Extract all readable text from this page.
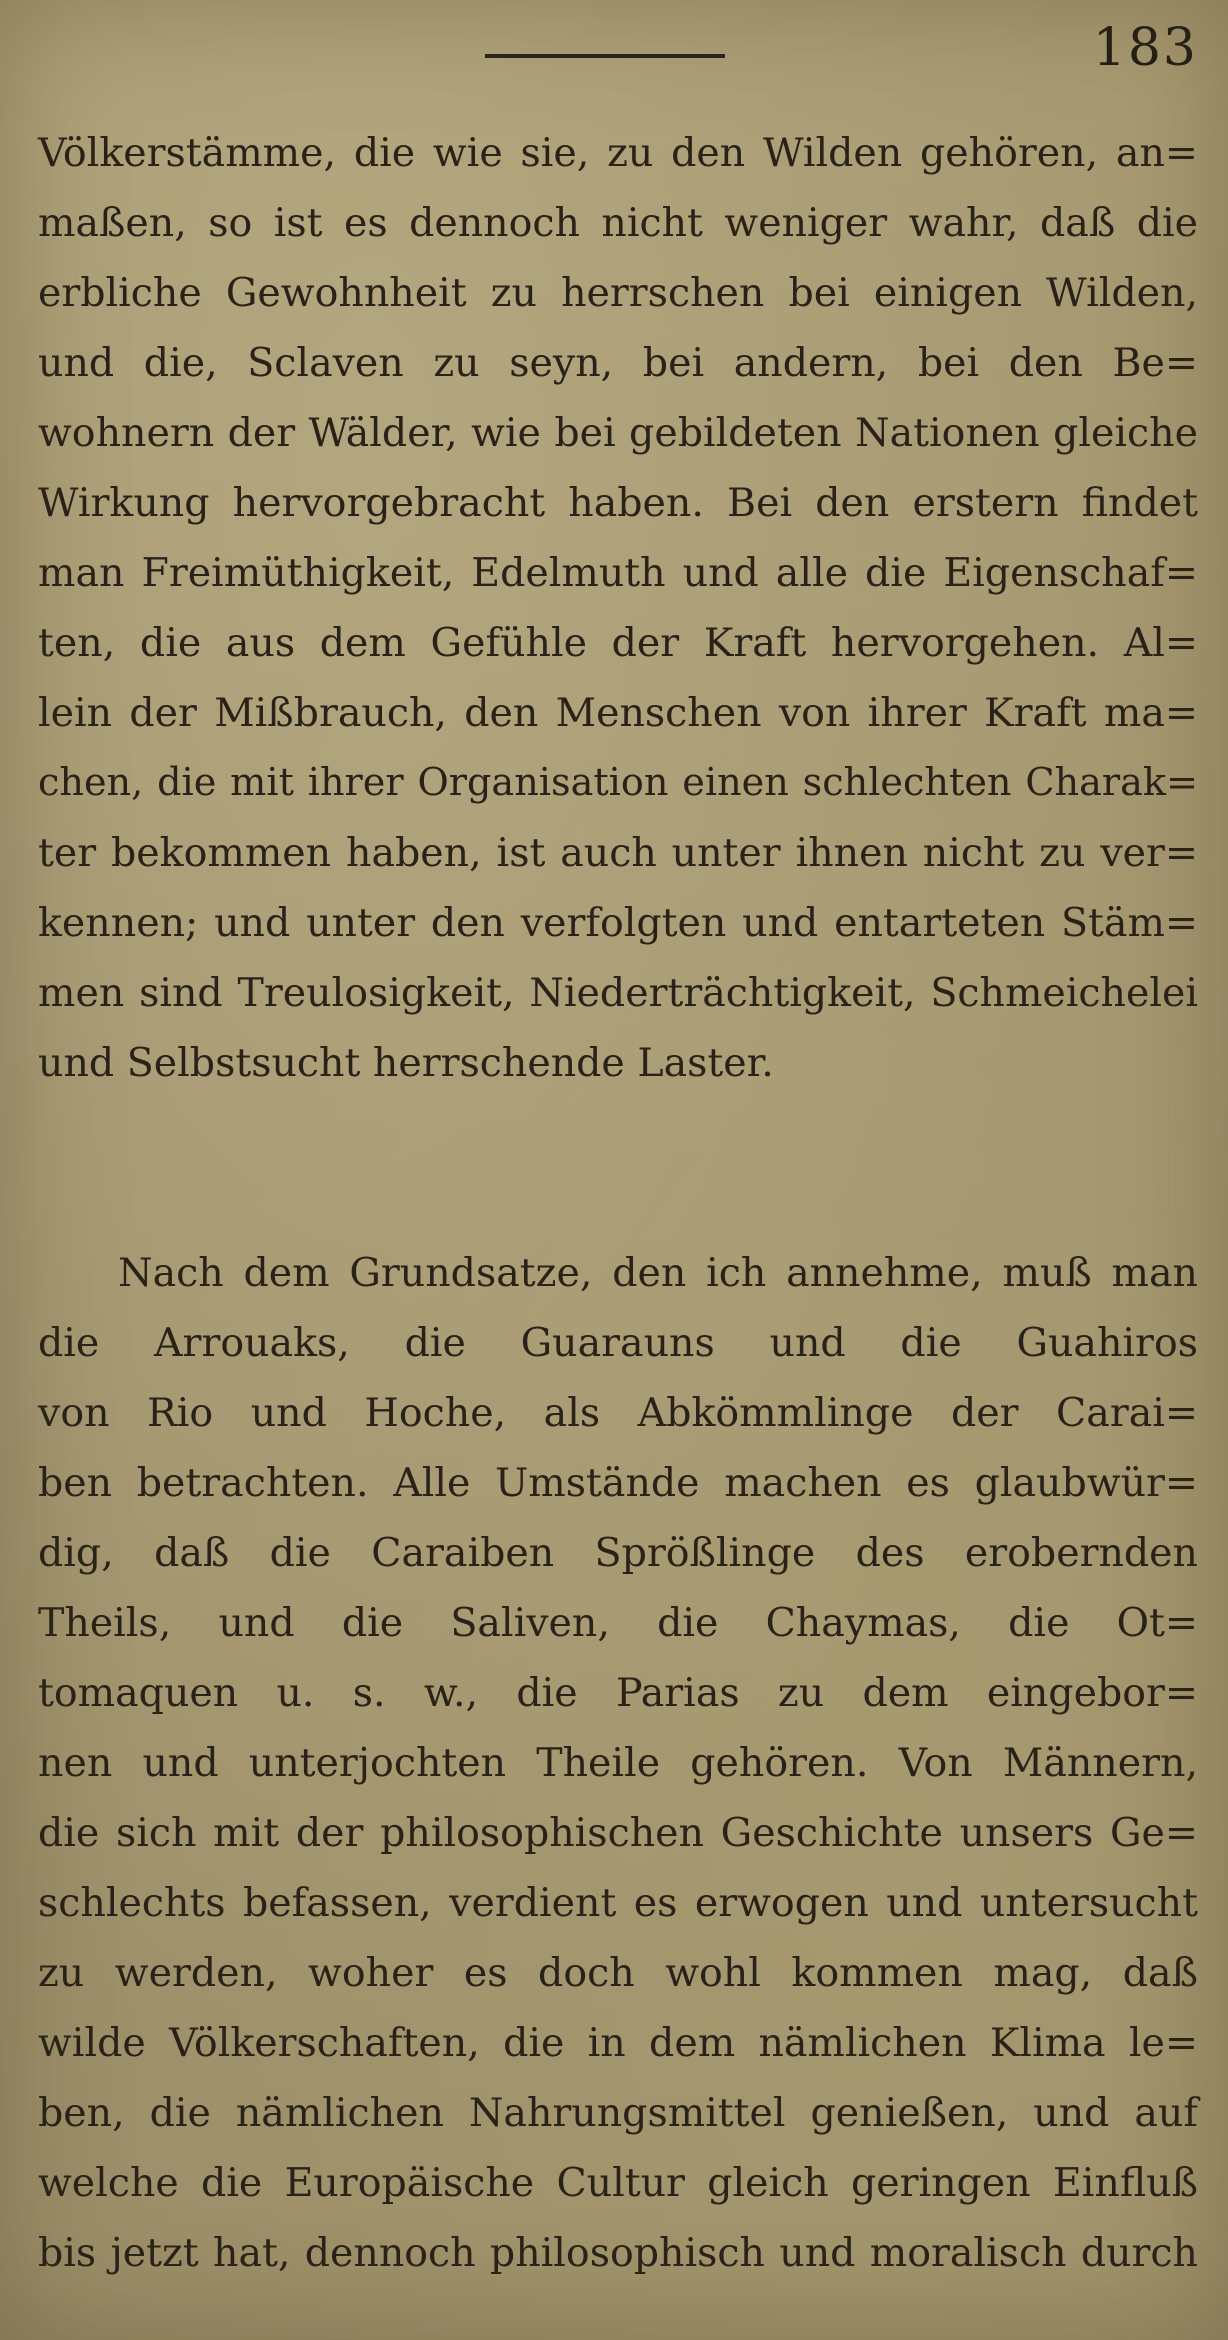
183
Völkerstämme, die wie sie, zu den Wilden gehören, an=
maßen, so ist es dennoch nicht weniger wahr, daß die
erbliche Gewohnheit zu herrschen bei einigen Wilden,
und die, Sclaven zu seyn, bei andern, bei den Be=
wohnern der Wälder, wie bei gebildeten Nationen gleiche
Wirkung hervorgebracht haben. Bei den erstern findet
man Freimüthigkeit, Edelmuth und alle die Eigenschaf=
ten, die aus dem Gefühle der Kraft hervorgehen. Al=
lein der Mißbrauch, den Menschen von ihrer Kraft ma=
chen, die mit ihrer Organisation einen schlechten Charak=
ter bekommen haben, ist auch unter ihnen nicht zu ver=
kennen; und unter den verfolgten und entarteten Stäm=
men sind Treulosigkeit, Niederträchtigkeit, Schmeichelei
und Selbstsucht herrschende Laster.
Nach dem Grundsatze, den ich annehme, muß man
die Arrouaks, die Guarauns und die Guahiros
von Rio und Hoche, als Abkömmlinge der Carai=
ben betrachten. Alle Umstände machen es glaubwür=
dig, daß die Caraiben Sprößlinge des erobernden
Theils, und die Saliven, die Chaymas, die Ot=
tomaquen u. s. w., die Parias zu dem eingebor=
nen und unterjochten Theile gehören. Von Männern,
die sich mit der philosophischen Geschichte unsers Ge=
schlechts befassen, verdient es erwogen und untersucht
zu werden, woher es doch wohl kommen mag, daß
wilde Völkerschaften, die in dem nämlichen Klima le=
ben, die nämlichen Nahrungsmittel genießen, und auf
welche die Europäische Cultur gleich geringen Einfluß
bis jetzt hat, dennoch philosophisch und moralisch durch
